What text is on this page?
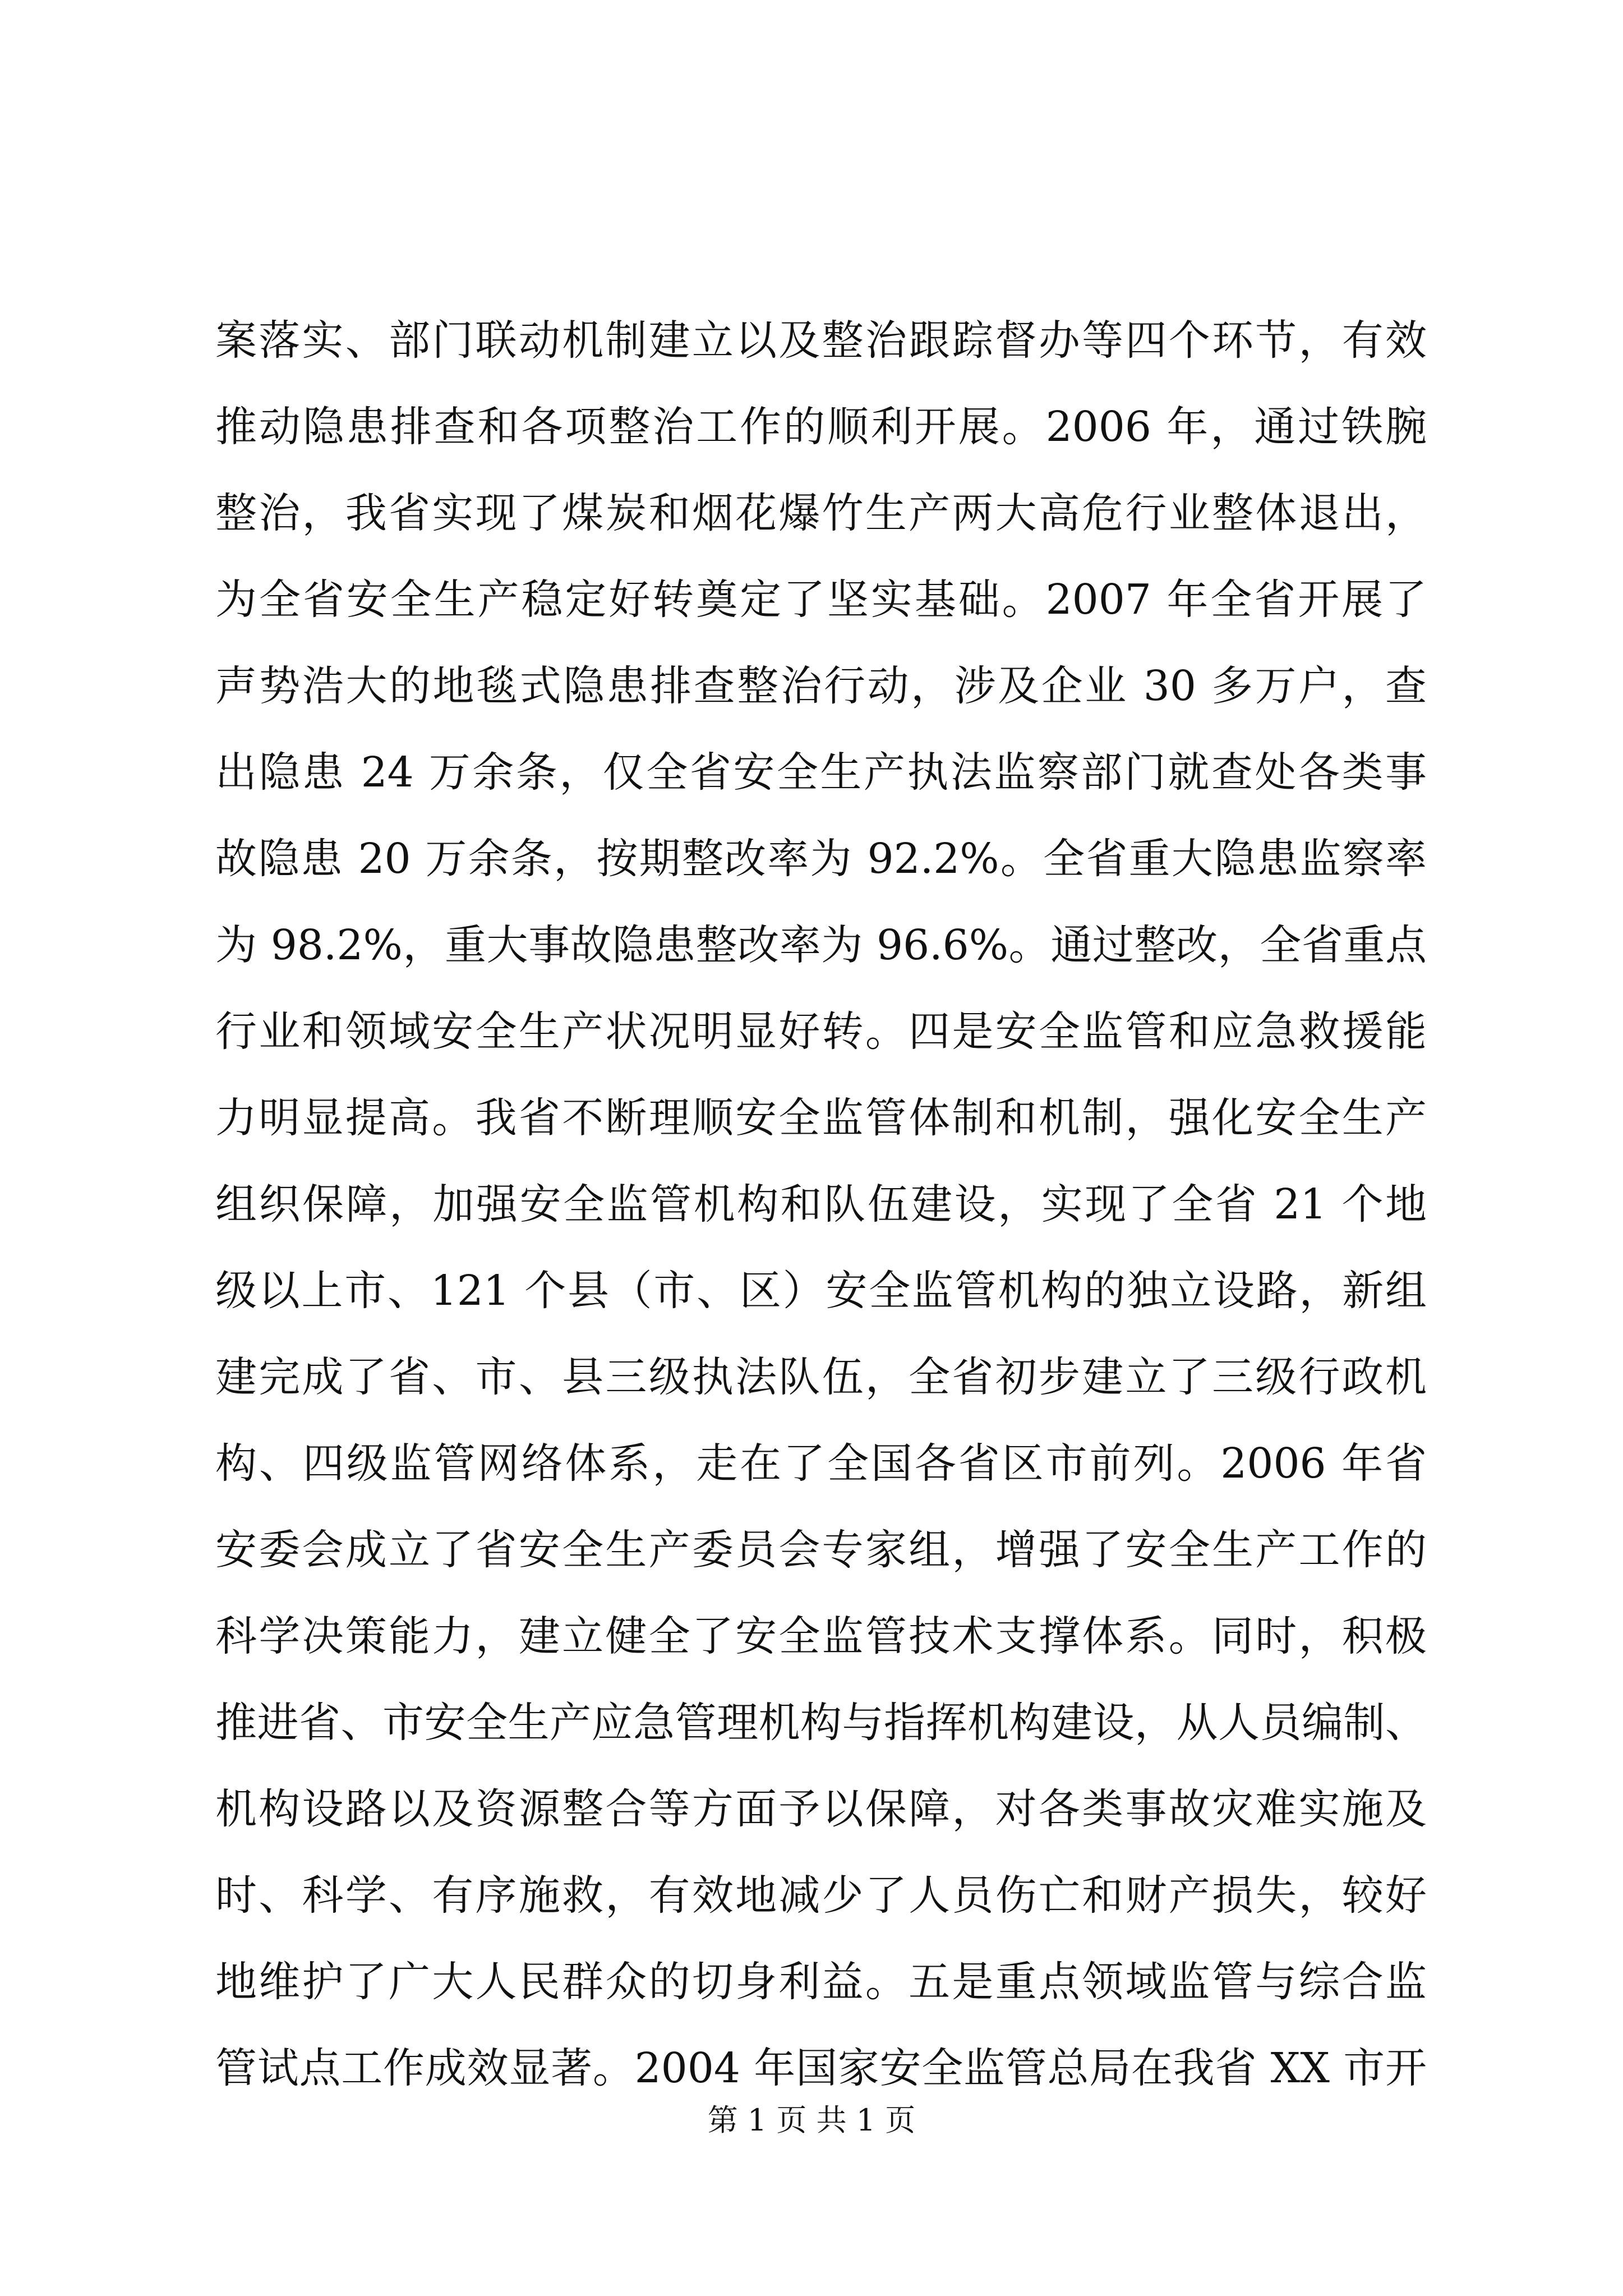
案落实、部门联动机制建立以及整治跟踪督办等四个环节，有效
推动隐患排查和各项整治工作的顺利开展。2006 年，通过铁腕
整治，我省实现了煤炭和烟花爆竹生产两大高危行业整体退出，
为全省安全生产稳定好转奠定了坚实基础。2007 年全省开展了
声势浩大的地毯式隐患排查整治行动，涉及企业 30 多万户，查
出隐患 24 万余条，仅全省安全生产执法监察部门就查处各类事
故隐患 20 万余条，按期整改率为 92.2%。全省重大隐患监察率
为 98.2%，重大事故隐患整改率为 96.6%。通过整改，全省重点
行业和领域安全生产状况明显好转。四是安全监管和应急救援能
力明显提高。我省不断理顺安全监管体制和机制，强化安全生产
组织保障，加强安全监管机构和队伍建设，实现了全省 21 个地
级以上市、121 个县（市、区）安全监管机构的独立设路，新组
建完成了省、市、县三级执法队伍，全省初步建立了三级行政机
构、四级监管网络体系，走在了全国各省区市前列。2006 年省
安委会成立了省安全生产委员会专家组，增强了安全生产工作的
科学决策能力，建立健全了安全监管技术支撑体系。同时，积极
推进省、市安全生产应急管理机构与指挥机构建设，从人员编制、
机构设路以及资源整合等方面予以保障，对各类事故灾难实施及
时、科学、有序施救，有效地减少了人员伤亡和财产损失，较好
地维护了广大人民群众的切身利益。五是重点领域监管与综合监
管试点工作成效显著。2004 年国家安全监管总局在我省 XX 市开
第 1 页 共 1 页
